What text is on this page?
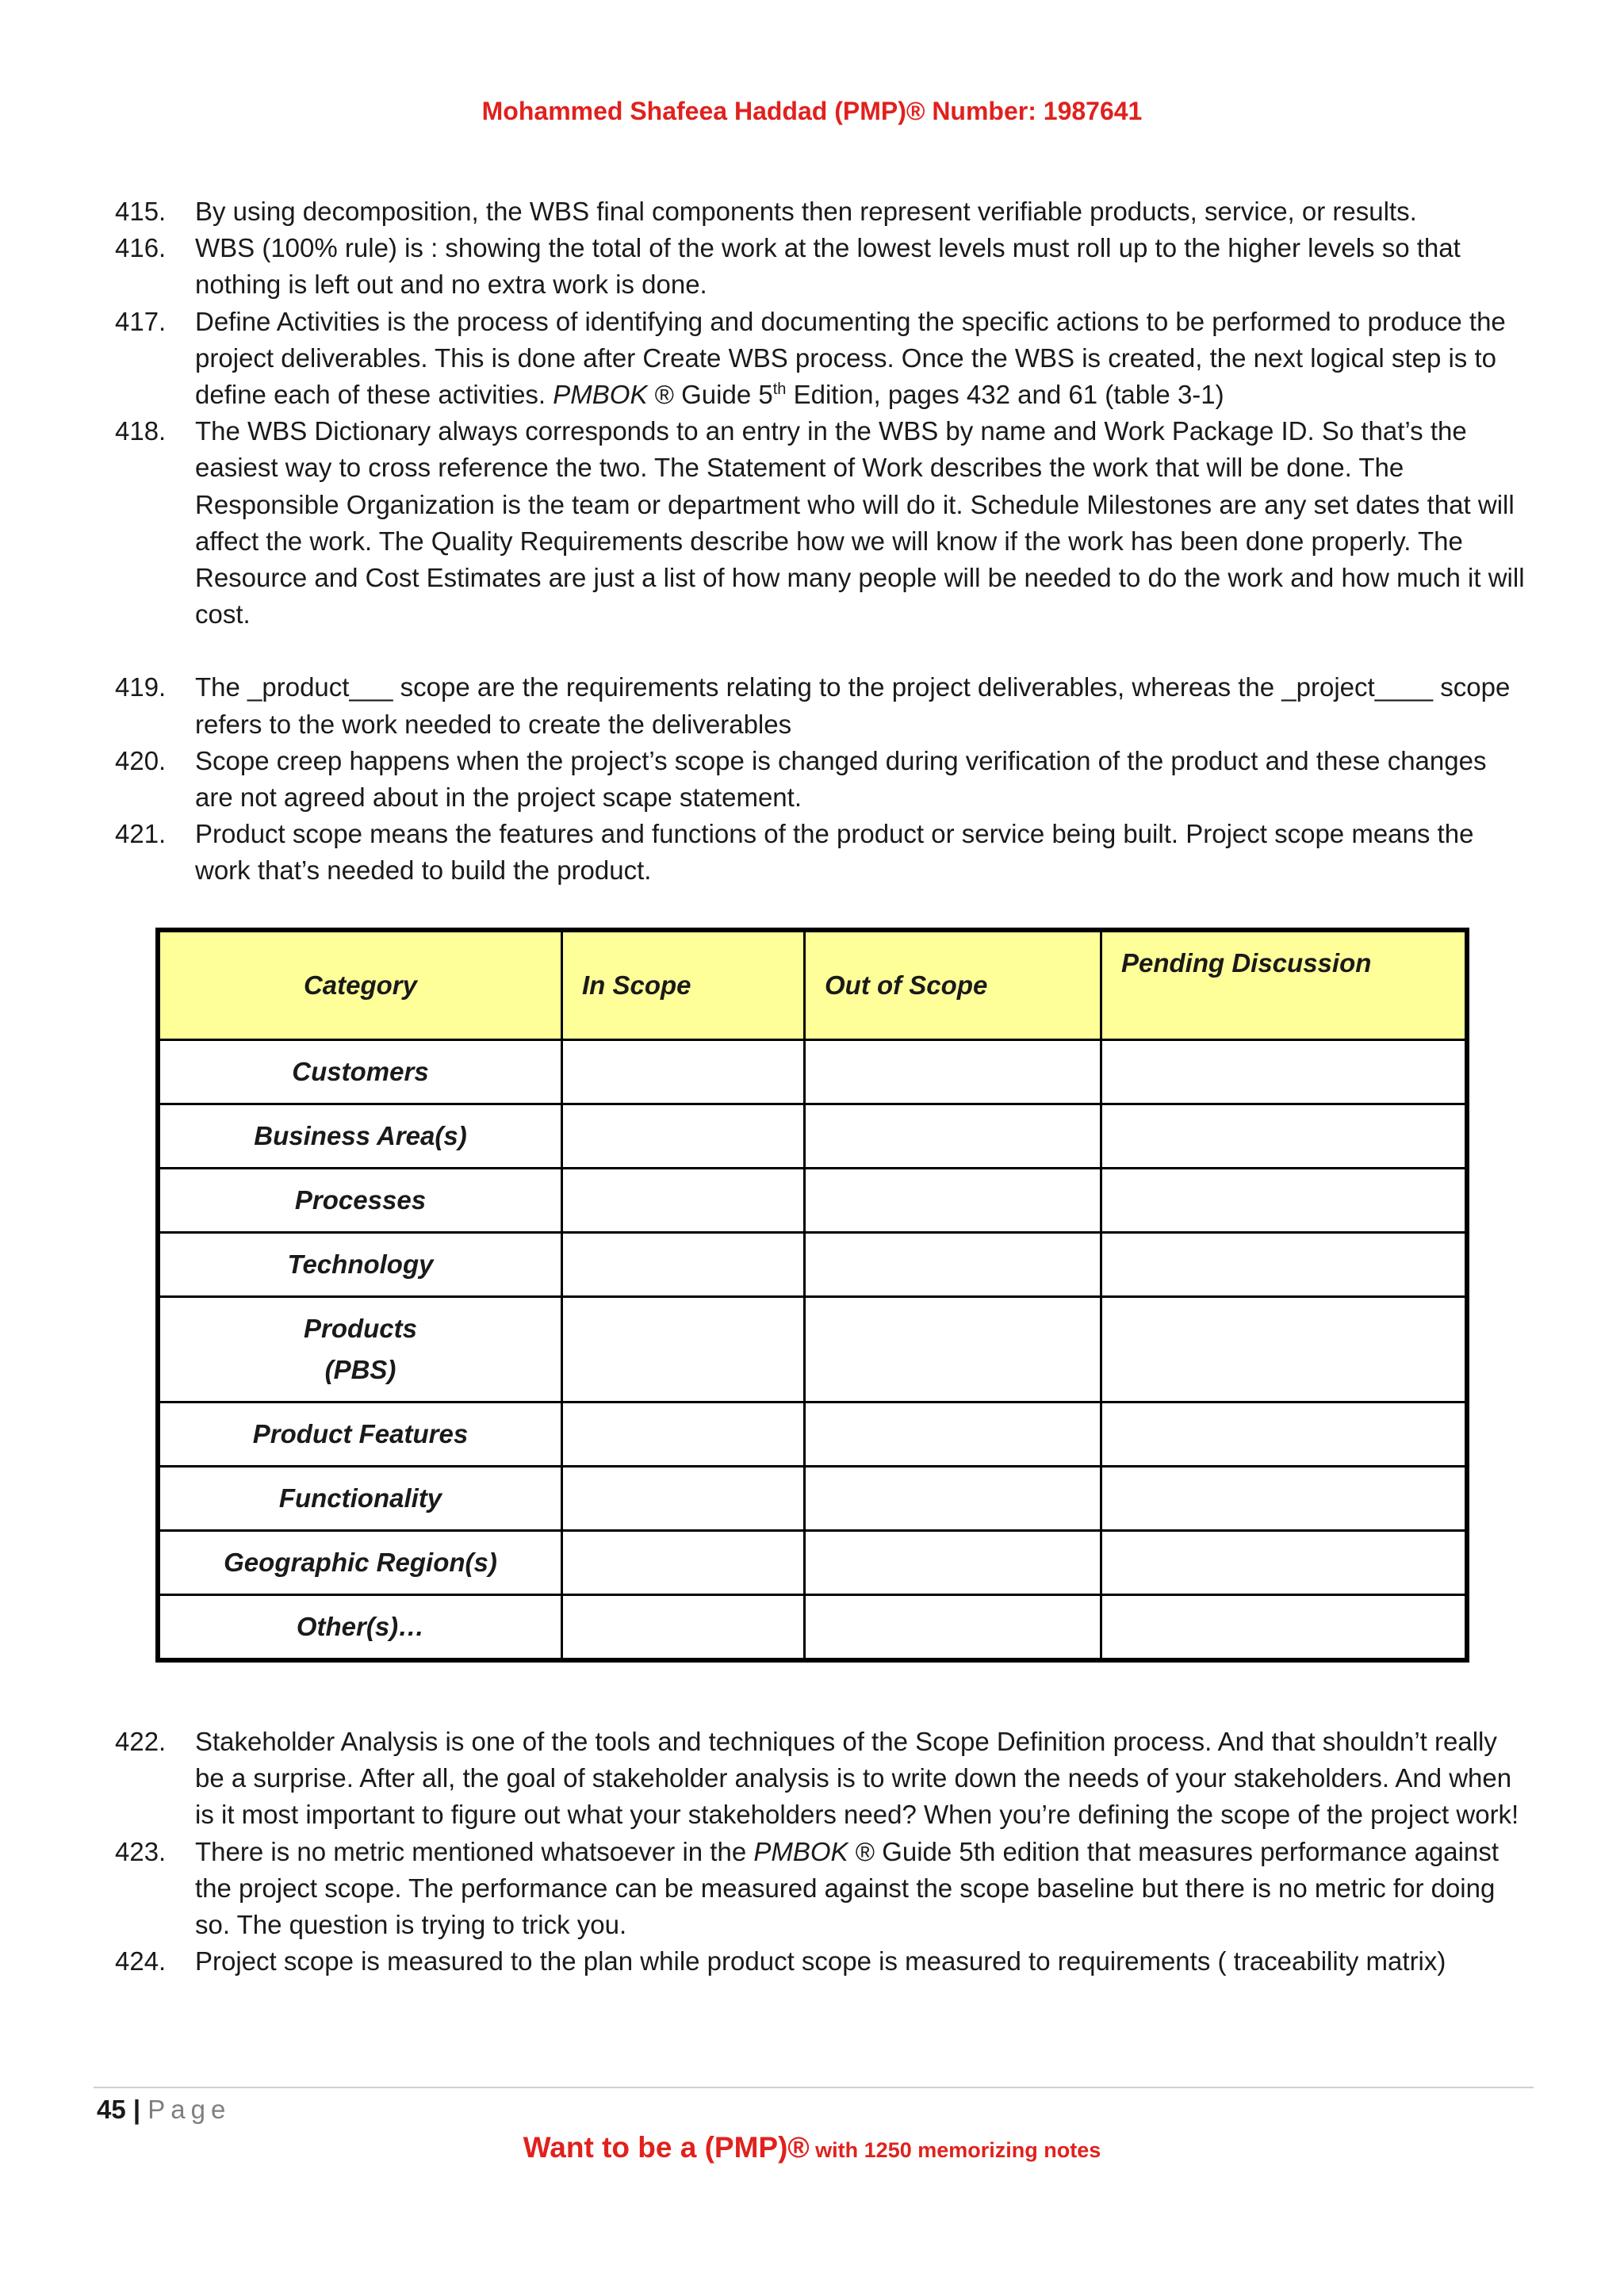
Mohammed Shafeea Haddad (PMP)® Number: 1987641
415.	By using decomposition, the WBS final components then represent verifiable products, service, or results.
416.	WBS (100% rule) is : showing the total of the work at the lowest levels must roll up to the higher levels so that nothing is left out and no extra work is done.
417.	Define Activities is the process of identifying and documenting the specific actions to be performed to produce the project deliverables. This is done after Create WBS process. Once the WBS is created, the next logical step is to define each of these activities. PMBOK ® Guide 5th Edition, pages 432 and 61 (table 3-1)
418.	The WBS Dictionary always corresponds to an entry in the WBS by name and Work Package ID. So that’s the easiest way to cross reference the two. The Statement of Work describes the work that will be done. The Responsible Organization is the team or department who will do it. Schedule Milestones are any set dates that will affect the work. The Quality Requirements describe how we will know if the work has been done properly. The Resource and Cost Estimates are just a list of how many people will be needed to do the work and how much it will cost.
419.	The _product___ scope are the requirements relating to the project deliverables, whereas the _project____ scope refers to the work needed to create the deliverables
420.	Scope creep happens when the project’s scope is changed during verification of the product and these changes are not agreed about in the project scape statement.
421.	Product scope means the features and functions of the product or service being built. Project scope means the work that’s needed to build the product.
Category	In Scope	Out of Scope	Pending Discussion
Customers			
Business Area(s)			
Processes			
Technology			
Products
(PBS)			
Product Features			
Functionality			
Geographic Region(s)			
Other(s)…			
422.	Stakeholder Analysis is one of the tools and techniques of the Scope Definition process. And that shouldn’t really be a surprise. After all, the goal of stakeholder analysis is to write down the needs of your stakeholders. And when is it most important to figure out what your stakeholders need? When you’re defining the scope of the project work!
423.	There is no metric mentioned whatsoever in the PMBOK ® Guide 5th edition that measures performance against the project scope. The performance can be measured against the scope baseline but there is no metric for doing so. The question is trying to trick you.
424.	Project scope is measured to the plan while product scope is measured to requirements ( traceability matrix)
45 | Page
Want to be a (PMP)® with 1250 memorizing notes
